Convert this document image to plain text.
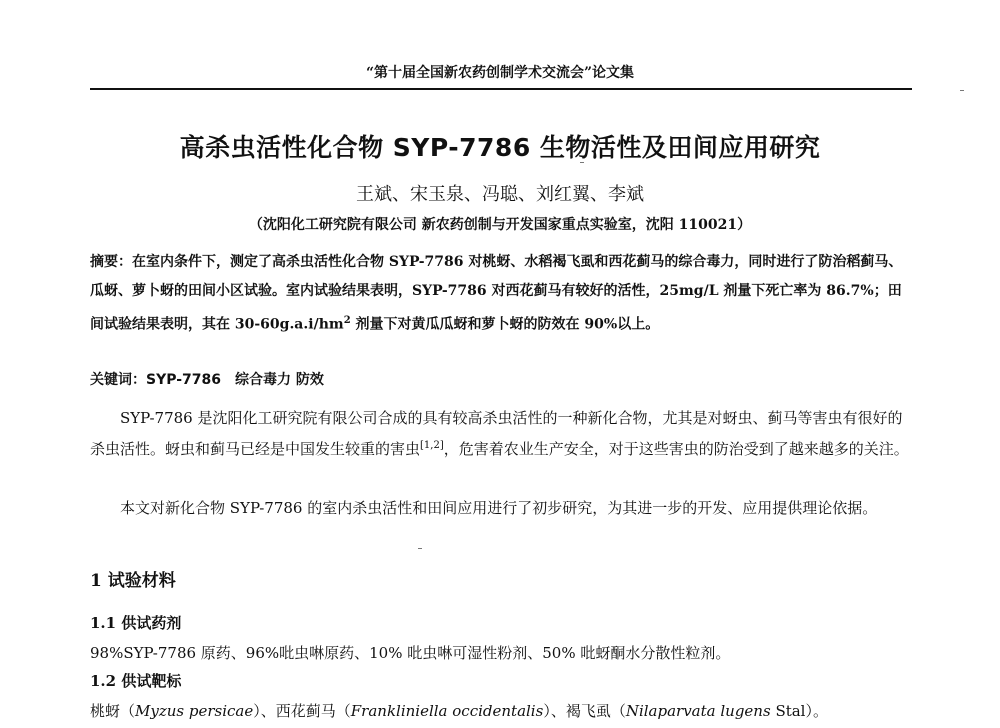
“第十届全国新农药创制学术交流会”论文集
高杀虫活性化合物 SYP-7786 生物活性及田间应用研究
王斌、宋玉泉、冯聪、刘红翼、李斌
（沈阳化工研究院有限公司 新农药创制与开发国家重点实验室，沈阳 110021）
摘要：在室内条件下，测定了高杀虫活性化合物 SYP-7786 对桃蚜、水稻褐飞虱和西花蓟马的综合毒力，同时进行了防治稻蓟马、瓜蚜、萝卜蚜的田间小区试验。室内试验结果表明，SYP-7786 对西花蓟马有较好的活性，25mg/L 剂量下死亡率为 86.7%；田间试验结果表明，其在 $30-60g.a.i/hm^2$ 剂量下对黄瓜瓜蚜和萝卜蚜的防效在 90%以上。
关键词：SYP-7786　综合毒力 防效
SYP-7786 是沈阳化工研究院有限公司合成的具有较高杀虫活性的一种新化合物，尤其是对蚜虫、蓟马等害虫有很好的杀虫活性。蚜虫和蓟马已经是中国发生较重的害虫[1,2]，危害着农业生产安全，对于这些害虫的防治受到了越来越多的关注。
本文对新化合物 SYP-7786 的室内杀虫活性和田间应用进行了初步研究，为其进一步的开发、应用提供理论依据。
1 试验材料
1.1 供试药剂
98%SYP-7786 原药、96%吡虫啉原药、10% 吡虫啉可湿性粉剂、50% 吡蚜酮水分散性粒剂。
1.2 供试靶标
桃蚜（Myzus persicae）、西花蓟马（Frankliniella occidentalis）、褐飞虱（Nilaparvata lugens Stal）。
